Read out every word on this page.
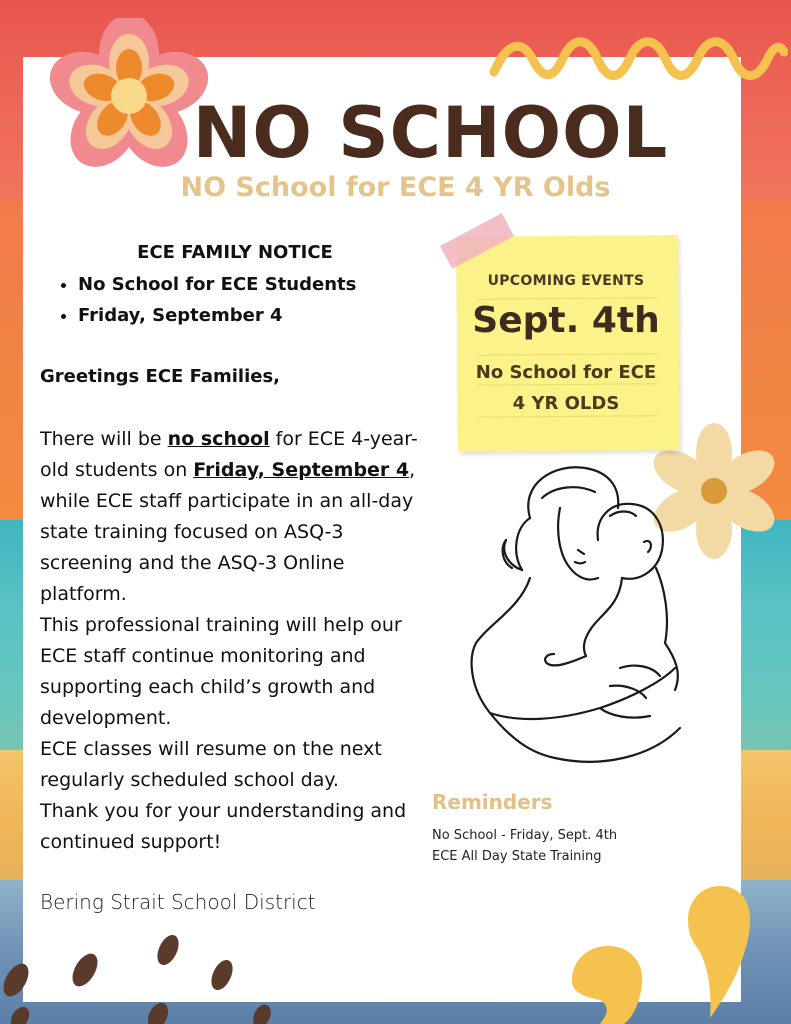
NO SCHOOL
NO School for ECE 4 YR Olds
ECE FAMILY NOTICE
• No School for ECE Students
• Friday, September 4
Greetings ECE Families,
There will be no school for ECE 4-year-old students on Friday, September 4, while ECE staff participate in an all-day state training focused on ASQ-3 screening and the ASQ-3 Online platform.
This professional training will help our ECE staff continue monitoring and supporting each child’s growth and development.
ECE classes will resume on the next regularly scheduled school day.
Thank you for your understanding and continued support!
Bering Strait School District
UPCOMING EVENTS
Sept. 4th
No School for ECE
4 YR OLDS
Reminders
No School - Friday, Sept. 4th
ECE All Day State Training
